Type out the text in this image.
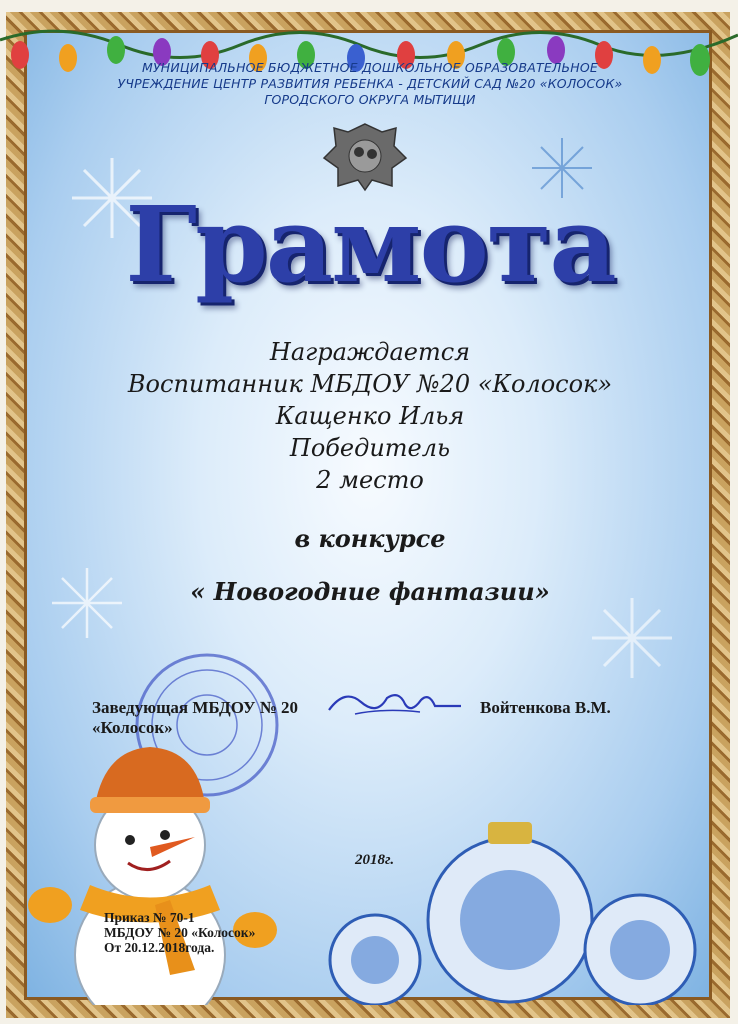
МУНИЦИПАЛЬНОЕ БЮДЖЕТНОЕ ДОШКОЛЬНОЕ ОБРАЗОВАТЕЛЬНОЕ
УЧРЕЖДЕНИЕ ЦЕНТР РАЗВИТИЯ РЕБЕНКА - ДЕТСКИЙ САД №20 «КОЛОСОК»
ГОРОДСКОГО ОКРУГА МЫТИЩИ
Грамота
Награждается
Воспитанник МБДОУ №20 «Колосок»
Кащенко Илья
Победитель
2 место
в конкурсе
« Новогодние фантазии»
Заведующая МБДОУ № 20
«Колосок»
Войтенкова В.М.
2018г.
Приказ № 70-1
МБДОУ № 20 «Колосок»
От 20.12.2018года.
